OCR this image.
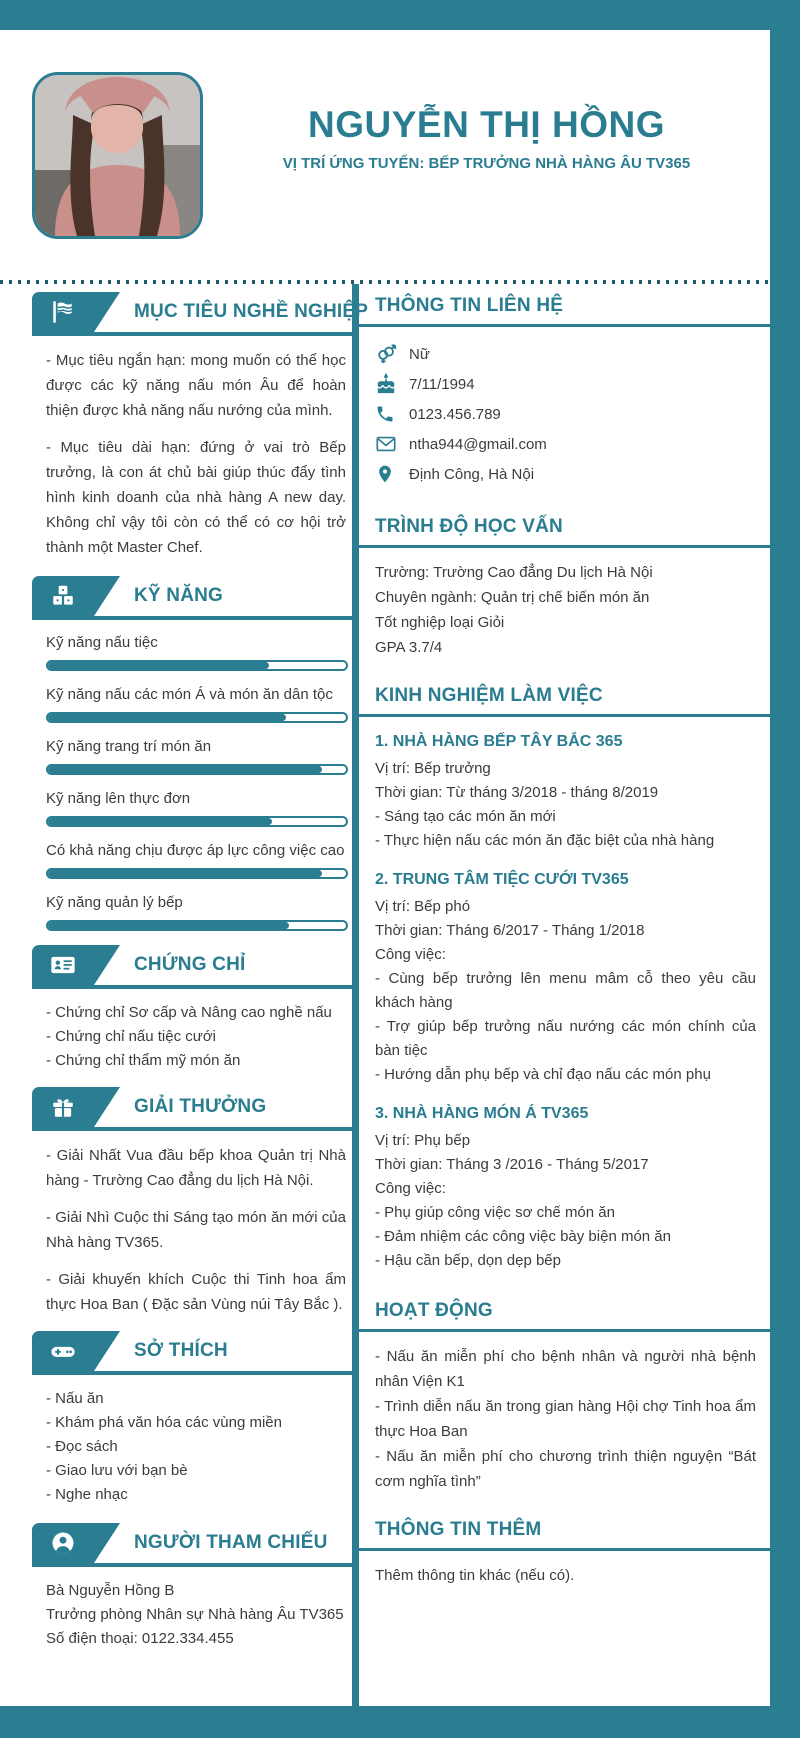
NGUYỄN THỊ HỒNG
VỊ TRÍ ỨNG TUYỂN: BẾP TRƯỞNG NHÀ HÀNG ÂU TV365
MỤC TIÊU NGHỀ NGHIỆP

- Mục tiêu ngắn hạn: mong muốn có thể học được các kỹ năng nấu món Âu để hoàn thiện được khả năng nấu nướng của mình.

- Mục tiêu dài hạn: đứng ở vai trò Bếp trưởng, là con át chủ bài giúp thúc đẩy tình hình kinh doanh của nhà hàng A new day. Không chỉ vậy tôi còn có thể có cơ hội trở thành một Master Chef.

KỸ NĂNG
Kỹ năng nấu tiệc
Kỹ năng nấu các món Á và món ăn dân tộc
Kỹ năng trang trí món ăn
Kỹ năng lên thực đơn
Có khả năng chịu được áp lực công việc cao
Kỹ năng quản lý bếp
CHỨNG CHỈ

- Chứng chỉ Sơ cấp và Nâng cao nghề nấu

- Chứng chỉ nấu tiệc cưới

- Chứng chỉ thẩm mỹ món ăn

GIẢI THƯỞNG

- Giải Nhất Vua đầu bếp khoa Quản trị Nhà hàng - Trường Cao đẳng du lịch Hà Nội.

- Giải Nhì Cuộc thi Sáng tạo món ăn mới của Nhà hàng TV365.

- Giải khuyến khích Cuộc thi Tinh hoa ẩm thực Hoa Ban ( Đặc sản Vùng núi Tây Bắc ).

SỞ THÍCH

- Nấu ăn

- Khám phá văn hóa các vùng miền

- Đọc sách

- Giao lưu với bạn bè

- Nghe nhạc

NGƯỜI THAM CHIẾU

Bà Nguyễn Hồng B

Trưởng phòng Nhân sự Nhà hàng Âu TV365

Số điện thoại: 0122.334.455

THÔNG TIN LIÊN HỆ
Nữ
7/11/1994
0123.456.789
ntha944@gmail.com
Định Công, Hà Nội
TRÌNH ĐỘ HỌC VẤN

Trường: Trường Cao đẳng Du lịch Hà Nội

Chuyên ngành: Quản trị chế biến món ăn

Tốt nghiệp loại Giỏi

GPA 3.7/4

KINH NGHIỆM LÀM VIỆC
1. NHÀ HÀNG BẾP TÂY BẮC 365

Vị trí: Bếp trưởng

Thời gian: Từ tháng 3/2018 - tháng 8/2019

- Sáng tạo các món ăn mới

- Thực hiện nấu các món ăn đặc biệt của nhà hàng

2. TRUNG TÂM TIỆC CƯỚI TV365

Vị trí: Bếp phó

Thời gian: Tháng 6/2017 - Tháng 1/2018

Công việc:

- Cùng bếp trưởng lên menu mâm cỗ theo yêu cầu khách hàng

- Trợ giúp bếp trưởng nấu nướng các món chính của bàn tiệc

- Hướng dẫn phụ bếp và chỉ đạo nấu các món phụ

3. NHÀ HÀNG MÓN Á TV365

Vị trí: Phụ bếp

Thời gian: Tháng 3 /2016 - Tháng 5/2017

Công việc:

- Phụ giúp công việc sơ chế món ăn

- Đảm nhiệm các công việc bày biện món ăn

- Hậu cần bếp, dọn dẹp bếp

HOẠT ĐỘNG

- Nấu ăn miễn phí cho bệnh nhân và người nhà bệnh nhân Viện K1

- Trình diễn nấu ăn trong gian hàng Hội chợ Tinh hoa ẩm thực Hoa Ban

- Nấu ăn miễn phí cho chương trình thiện nguyện “Bát cơm nghĩa tình”

THÔNG TIN THÊM

Thêm thông tin khác (nếu có).
